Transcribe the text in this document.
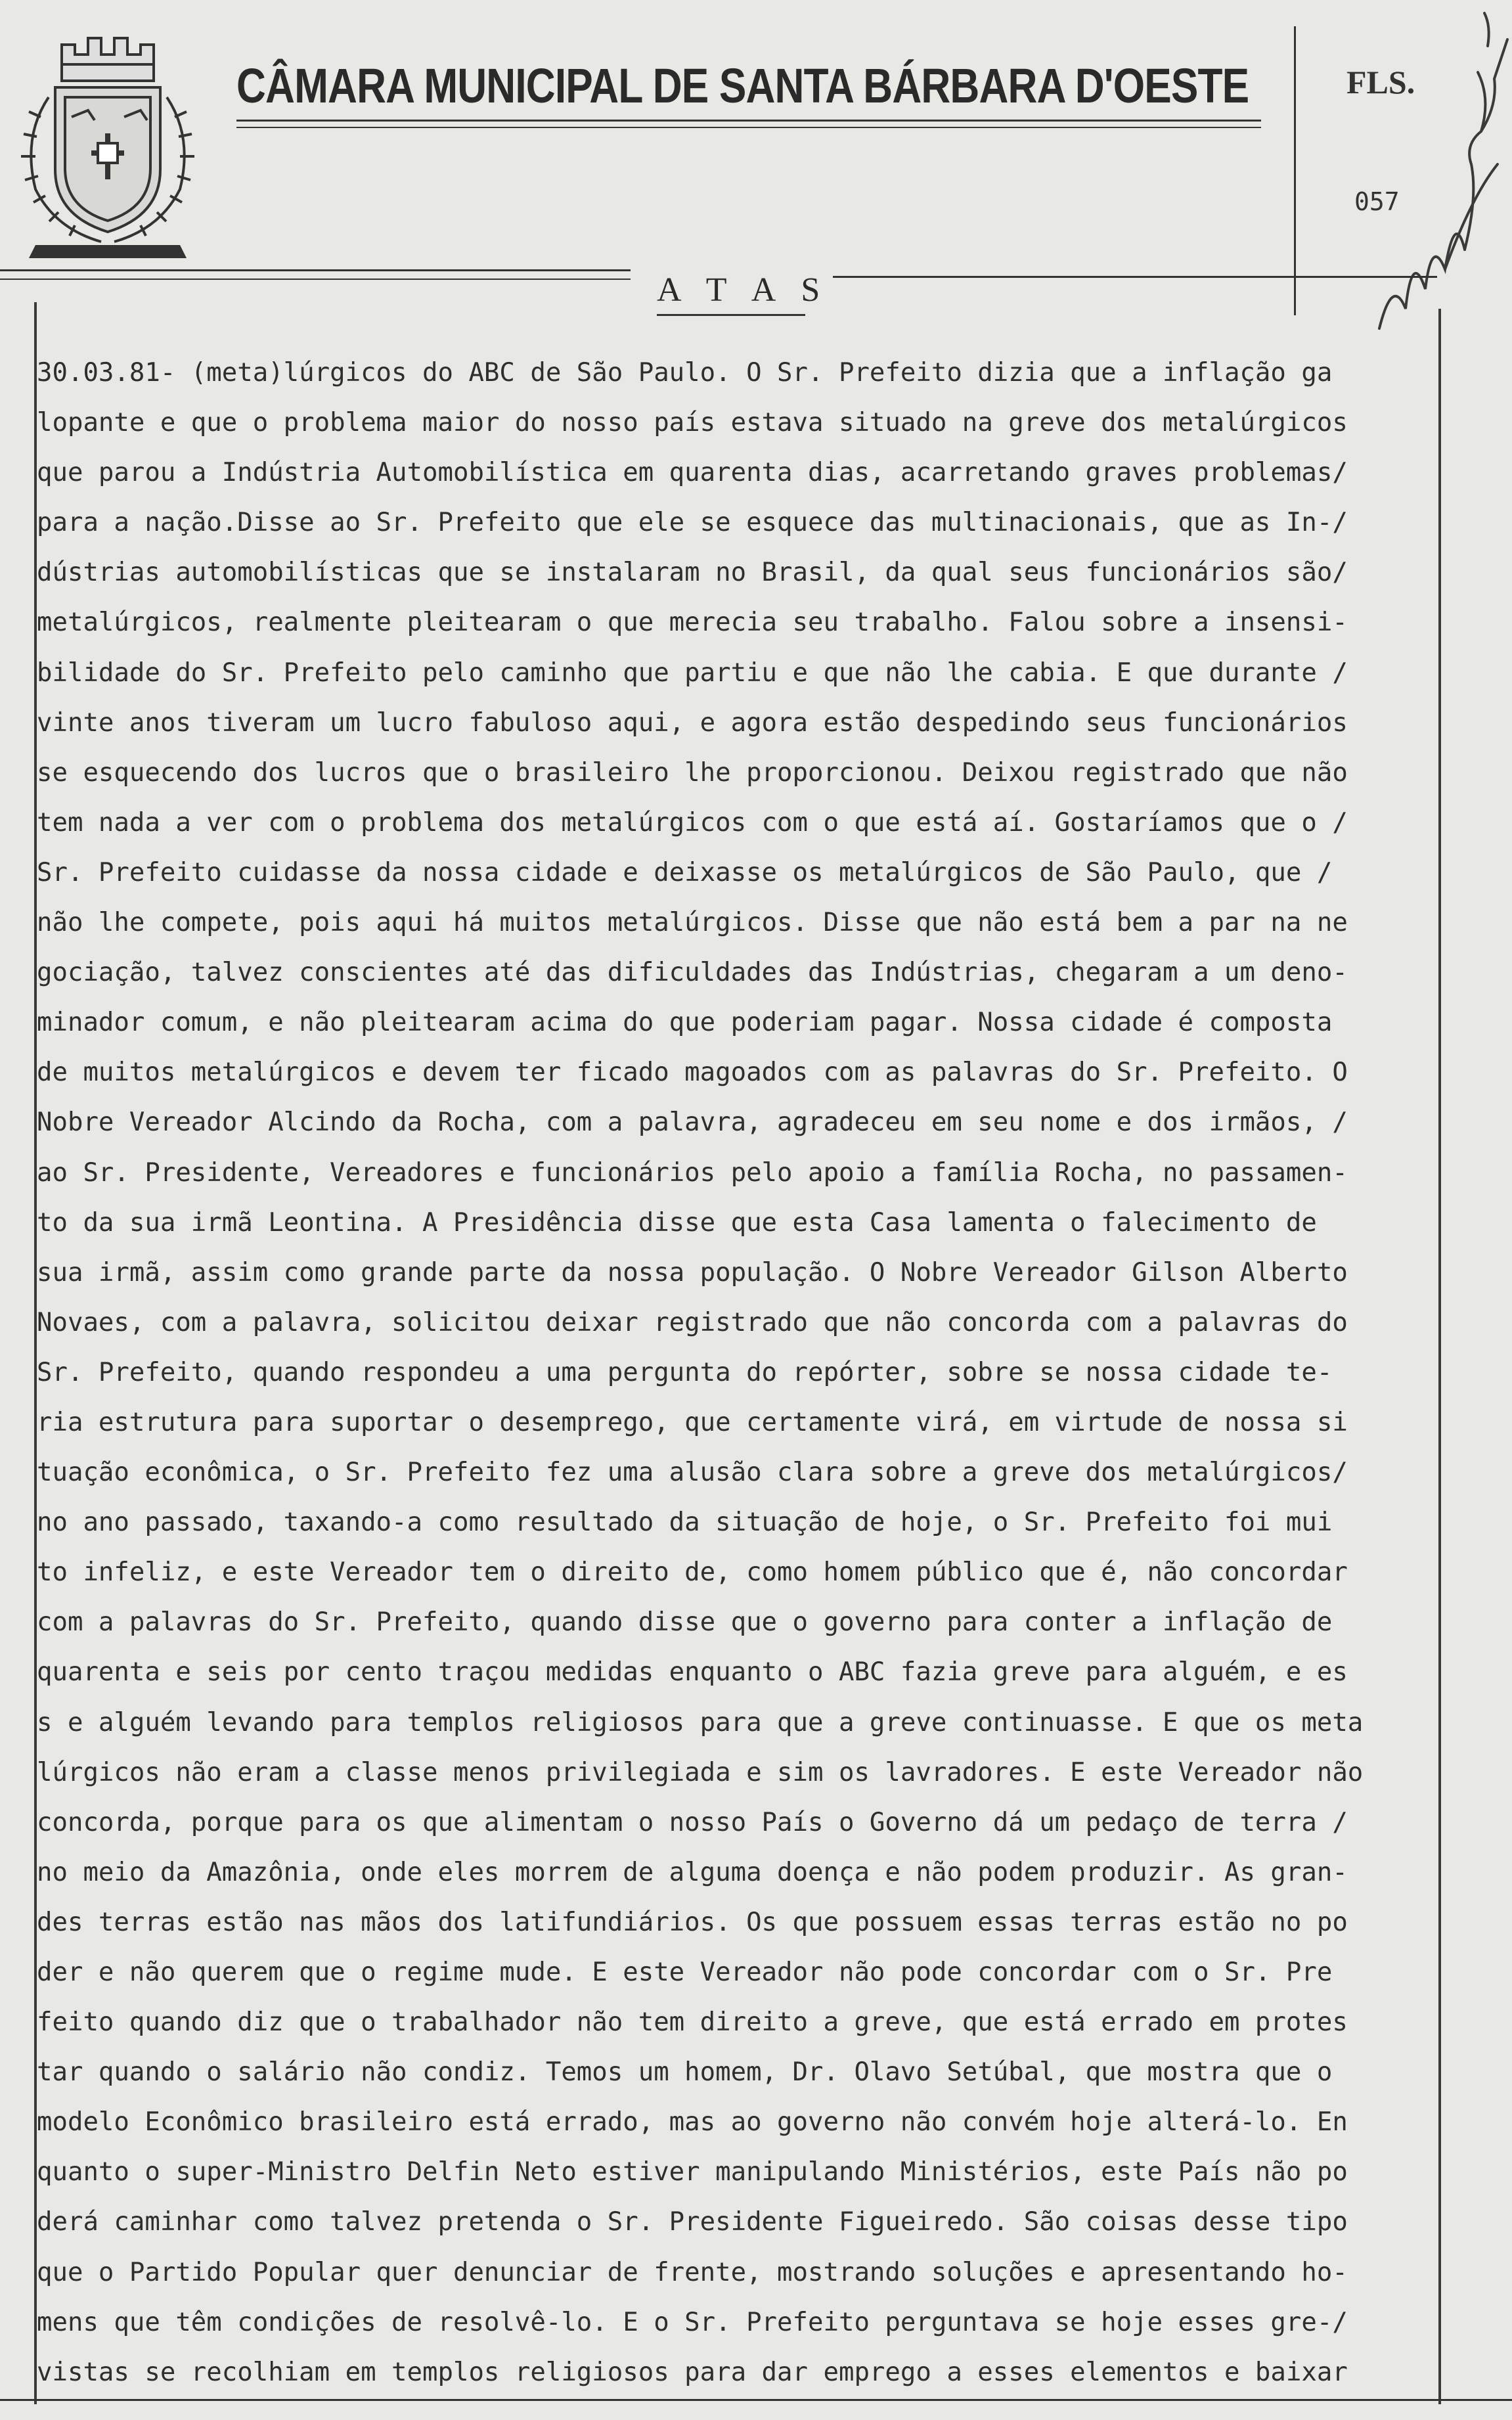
CÂMARA MUNICIPAL DE SANTA BÁRBARA D'OESTE	FLS.
057
A T A S
30.03.81- (meta)lúrgicos do ABC de São Paulo. O Sr. Prefeito dizia que a inflação ga
lopante e que o problema maior do nosso país estava situado na greve dos metalúrgicos
que parou a Indústria Automobilística em quarenta dias, acarretando graves problemas/
para a nação.Disse ao Sr. Prefeito que ele se esquece das multinacionais, que as In-/
dústrias automobilísticas que se instalaram no Brasil, da qual seus funcionários são/
metalúrgicos, realmente pleitearam o que merecia seu trabalho. Falou sobre a insensi-
bilidade do Sr. Prefeito pelo caminho que partiu e que não lhe cabia. E que durante /
vinte anos tiveram um lucro fabuloso aqui, e agora estão despedindo seus funcionários
se esquecendo dos lucros que o brasileiro lhe proporcionou. Deixou registrado que não
tem nada a ver com o problema dos metalúrgicos com o que está aí. Gostaríamos que o /
Sr. Prefeito cuidasse da nossa cidade e deixasse os metalúrgicos de São Paulo, que /
não lhe compete, pois aqui há muitos metalúrgicos. Disse que não está bem a par na ne
gociação, talvez conscientes até das dificuldades das Indústrias, chegaram a um deno-
minador comum, e não pleitearam acima do que poderiam pagar. Nossa cidade é composta
de muitos metalúrgicos e devem ter ficado magoados com as palavras do Sr. Prefeito. O
Nobre Vereador Alcindo da Rocha, com a palavra, agradeceu em seu nome e dos irmãos, /
ao Sr. Presidente, Vereadores e funcionários pelo apoio a família Rocha, no passamen-
to da sua irmã Leontina. A Presidência disse que esta Casa lamenta o falecimento de
sua irmã, assim como grande parte da nossa população. O Nobre Vereador Gilson Alberto
Novaes, com a palavra, solicitou deixar registrado que não concorda com a palavras do
Sr. Prefeito, quando respondeu a uma pergunta do repórter, sobre se nossa cidade te-
ria estrutura para suportar o desemprego, que certamente virá, em virtude de nossa si
tuação econômica, o Sr. Prefeito fez uma alusão clara sobre a greve dos metalúrgicos/
no ano passado, taxando-a como resultado da situação de hoje, o Sr. Prefeito foi mui
to infeliz, e este Vereador tem o direito de, como homem público que é, não concordar
com a palavras do Sr. Prefeito, quando disse que o governo para conter a inflação de
quarenta e seis por cento traçou medidas enquanto o ABC fazia greve para alguém, e es
s e alguém levando para templos religiosos para que a greve continuasse. E que os meta
lúrgicos não eram a classe menos privilegiada e sim os lavradores. E este Vereador não
concorda, porque para os que alimentam o nosso País o Governo dá um pedaço de terra /
no meio da Amazônia, onde eles morrem de alguma doença e não podem produzir. As gran-
des terras estão nas mãos dos latifundiários. Os que possuem essas terras estão no po
der e não querem que o regime mude. E este Vereador não pode concordar com o Sr. Pre
feito quando diz que o trabalhador não tem direito a greve, que está errado em protes
tar quando o salário não condiz. Temos um homem, Dr. Olavo Setúbal, que mostra que o
modelo Econômico brasileiro está errado, mas ao governo não convém hoje alterá-lo. En
quanto o super-Ministro Delfin Neto estiver manipulando Ministérios, este País não po
derá caminhar como talvez pretenda o Sr. Presidente Figueiredo. São coisas desse tipo
que o Partido Popular quer denunciar de frente, mostrando soluções e apresentando ho-
mens que têm condições de resolvê-lo. E o Sr. Prefeito perguntava se hoje esses gre-/
vistas se recolhiam em templos religiosos para dar emprego a esses elementos e baixar
